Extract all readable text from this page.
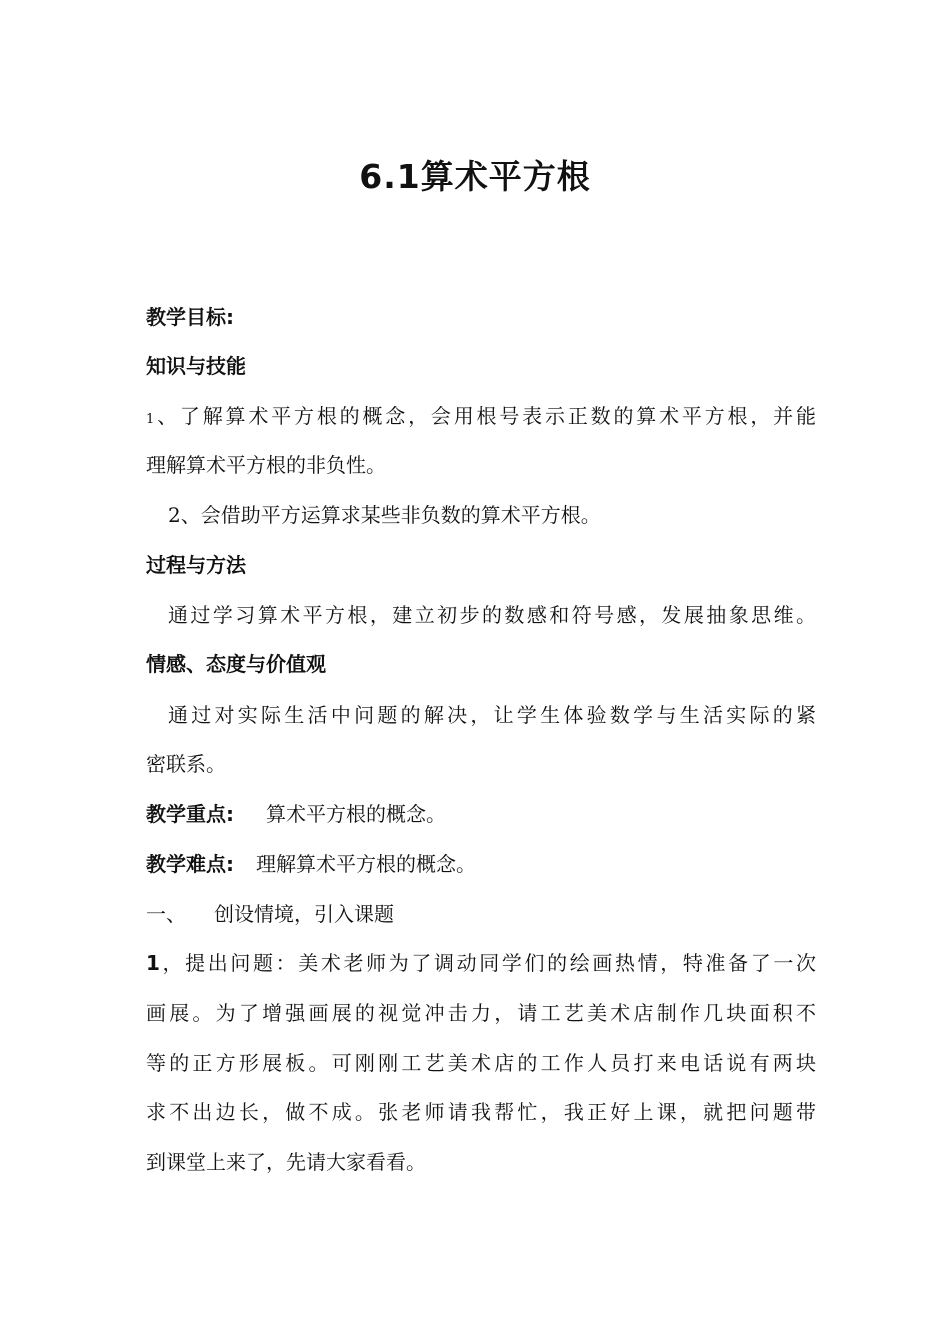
6.1算术平方根
教学目标:
知识与技能
1、了解算术平方根的概念，会用根号表示正数的算术平方根，并能
理解算术平方根的非负性。
2、会借助平方运算求某些非负数的算术平方根。
过程与方法
通过学习算术平方根，建立初步的数感和符号感，发展抽象思维。
情感、态度与价值观
通过对实际生活中问题的解决，让学生体验数学与生活实际的紧
密联系。
教学重点: 算术平方根的概念。
教学难点: 理解算术平方根的概念。
一、 创设情境，引入课题
1，提出问题：美术老师为了调动同学们的绘画热情，特准备了一次
画展。为了增强画展的视觉冲击力，请工艺美术店制作几块面积不
等的正方形展板。可刚刚工艺美术店的工作人员打来电话说有两块
求不出边长，做不成。张老师请我帮忙，我正好上课，就把问题带
到课堂上来了，先请大家看看。
